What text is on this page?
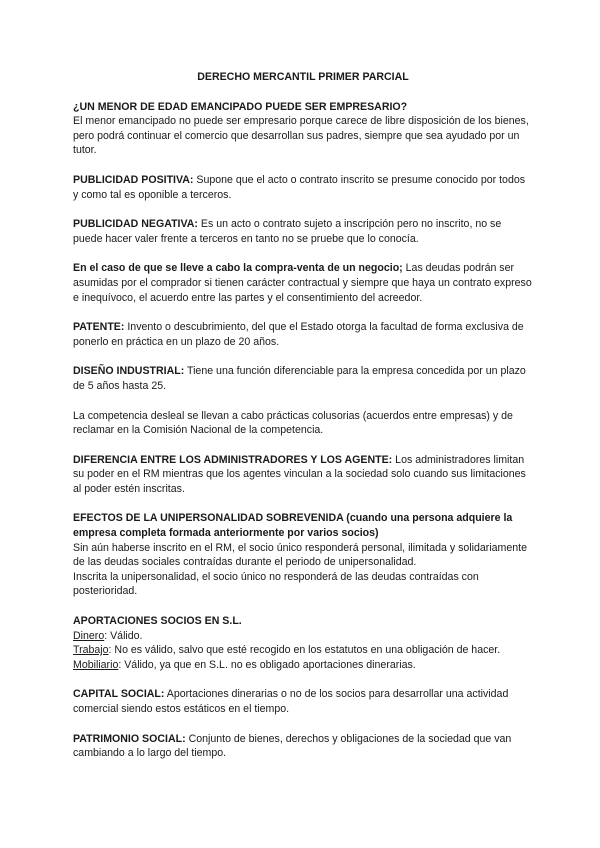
DERECHO MERCANTIL PRIMER PARCIAL

¿UN MENOR DE EDAD EMANCIPADO PUEDE SER EMPRESARIO?

El menor emancipado no puede ser empresario porque carece de libre disposición de los bienes, pero podrá continuar el comercio que desarrollan sus padres, siempre que sea ayudado por un tutor.

PUBLICIDAD POSITIVA: Supone que el acto o contrato inscrito se presume conocido por todos y como tal es oponible a terceros.

PUBLICIDAD NEGATIVA: Es un acto o contrato sujeto a inscripción pero no inscrito, no se puede hacer valer frente a terceros en tanto no se pruebe que lo conocía.

En el caso de que se lleve a cabo la compra-venta de un negocio; Las deudas podrán ser asumidas por el comprador si tienen carácter contractual y siempre que haya un contrato expreso e inequívoco, el acuerdo entre las partes y el consentimiento del acreedor.

PATENTE: Invento o descubrimiento, del que el Estado otorga la facultad de forma exclusiva de ponerlo en práctica en un plazo de 20 años.

DISEÑO INDUSTRIAL: Tiene una función diferenciable para la empresa concedida por un plazo de 5 años hasta 25.

La competencia desleal se llevan a cabo prácticas colusorias (acuerdos entre empresas) y de reclamar en la Comisión Nacional de la competencia.

DIFERENCIA ENTRE LOS ADMINISTRADORES Y LOS AGENTE: Los administradores limitan su poder en el RM mientras que los agentes vinculan a la sociedad solo cuando sus limitaciones al poder estén inscritas.

EFECTOS DE LA UNIPERSONALIDAD SOBREVENIDA (cuando una persona adquiere la empresa completa formada anteriormente por varios socios)

Sin aún haberse inscrito en el RM, el socio único responderá personal, ilimitada y solidariamente de las deudas sociales contraídas durante el periodo de unipersonalidad.

Inscrita la unipersonalidad, el socio único no responderá de las deudas contraídas con posterioridad.

APORTACIONES SOCIOS EN S.L.

Dinero: Válido.

Trabajo: No es válido, salvo que esté recogido en los estatutos en una obligación de hacer.

Mobiliario: Válido, ya que en S.L. no es obligado aportaciones dinerarias.

CAPITAL SOCIAL: Aportaciones dinerarias o no de los socios para desarrollar una actividad comercial siendo estos estáticos en el tiempo.

PATRIMONIO SOCIAL: Conjunto de bienes, derechos y obligaciones de la sociedad que van cambiando a lo largo del tiempo.
